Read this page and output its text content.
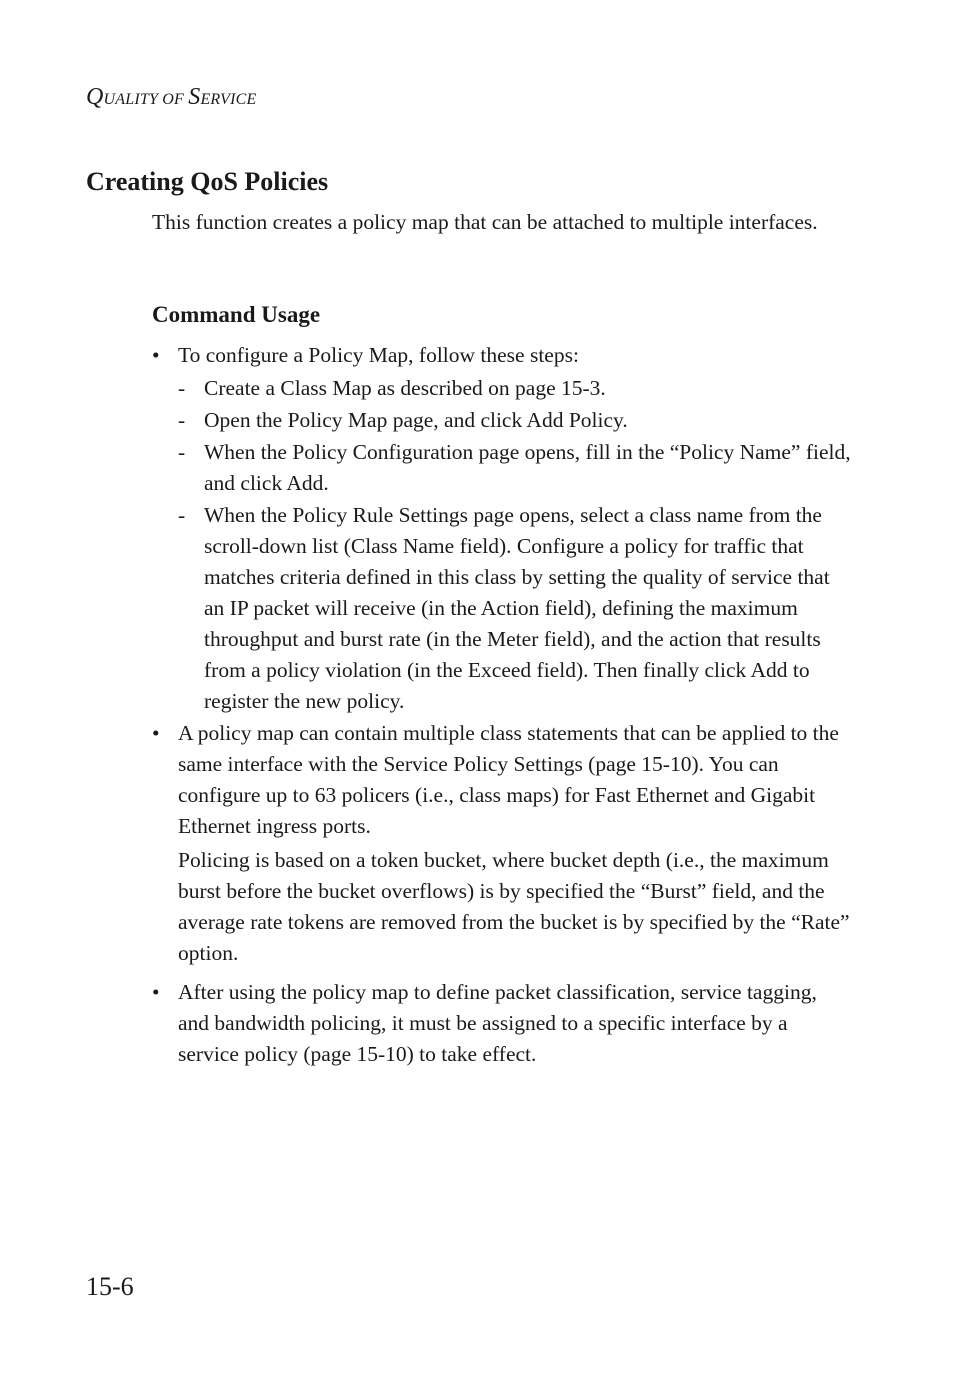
QUALITY OF SERVICE
Creating QoS Policies

This function creates a policy map that can be attached to multiple interfaces.

Command Usage
• To configure a Policy Map, follow these steps:

- Create a Class Map as described on page 15-3.
- Open the Policy Map page, and click Add Policy.
- When the Policy Configuration page opens, fill in the “Policy Name” field, and click Add.
- When the Policy Rule Settings page opens, select a class name from the scroll-down list (Class Name field). Configure a policy for traffic that matches criteria defined in this class by setting the quality of service that an IP packet will receive (in the Action field), defining the maximum throughput and burst rate (in the Meter field), and the action that results from a policy violation (in the Exceed field). Then finally click Add to register the new policy.
• A policy map can contain multiple class statements that can be applied to the same interface with the Service Policy Settings (page 15-10). You can configure up to 63 policers (i.e., class maps) for Fast Ethernet and Gigabit Ethernet ingress ports.

Policing is based on a token bucket, where bucket depth (i.e., the maximum burst before the bucket overflows) is by specified the “Burst” field, and the average rate tokens are removed from the bucket is by specified by the “Rate” option.

• After using the policy map to define packet classification, service tagging, and bandwidth policing, it must be assigned to a specific interface by a service policy (page 15-10) to take effect.

15-6
